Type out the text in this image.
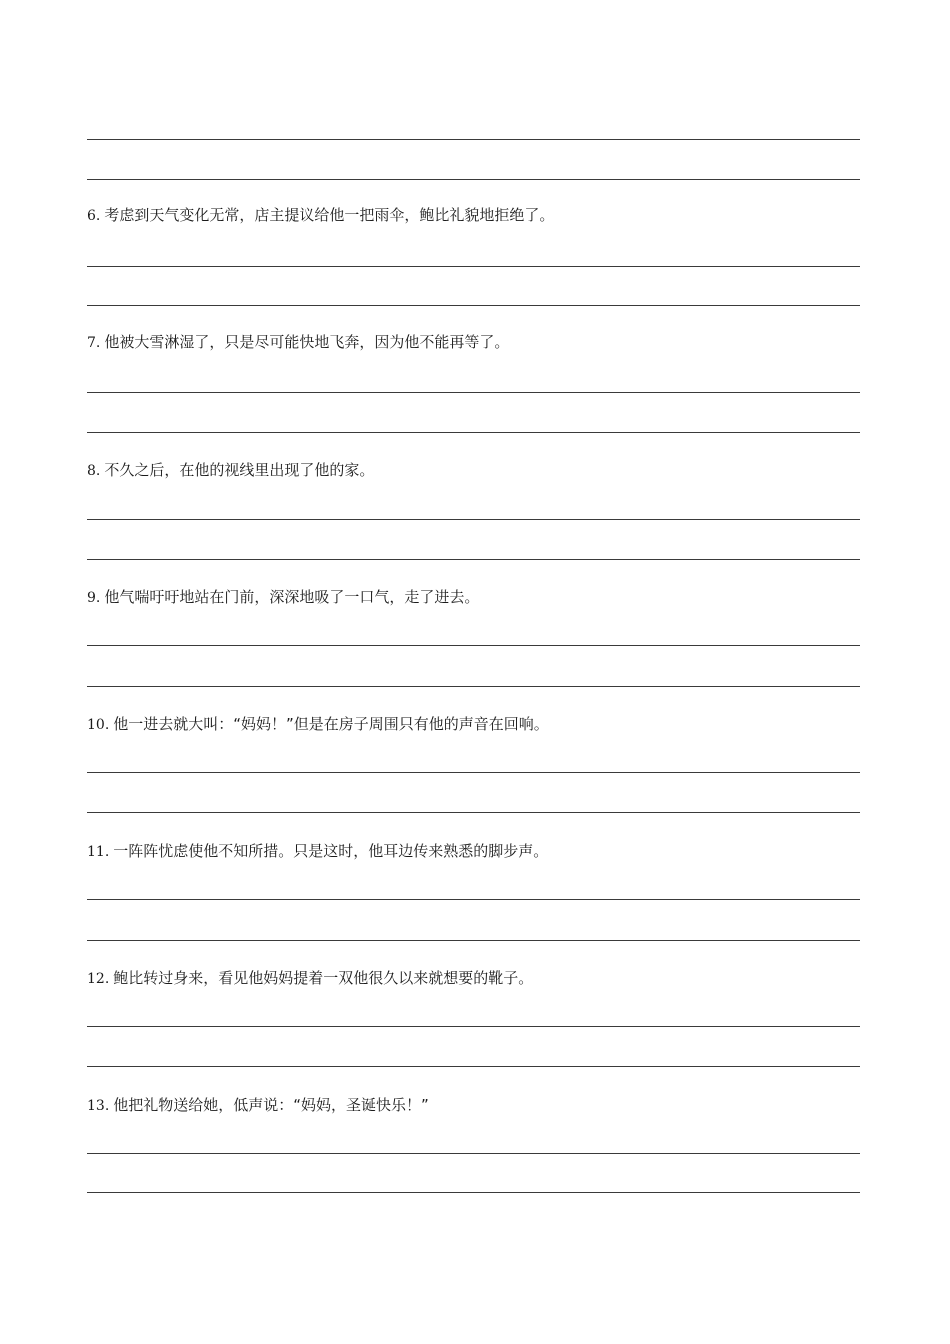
6. 考虑到天气变化无常，店主提议给他一把雨伞，鲍比礼貌地拒绝了。
7. 他被大雪淋湿了，只是尽可能快地飞奔，因为他不能再等了。
8. 不久之后，在他的视线里出现了他的家。
9. 他气喘吁吁地站在门前，深深地吸了一口气，走了进去。
10. 他一进去就大叫：“妈妈！”但是在房子周围只有他的声音在回响。
11. 一阵阵忧虑使他不知所措。只是这时，他耳边传来熟悉的脚步声。
12. 鲍比转过身来，看见他妈妈提着一双他很久以来就想要的靴子。
13. 他把礼物送给她，低声说：“妈妈，圣诞快乐！”
